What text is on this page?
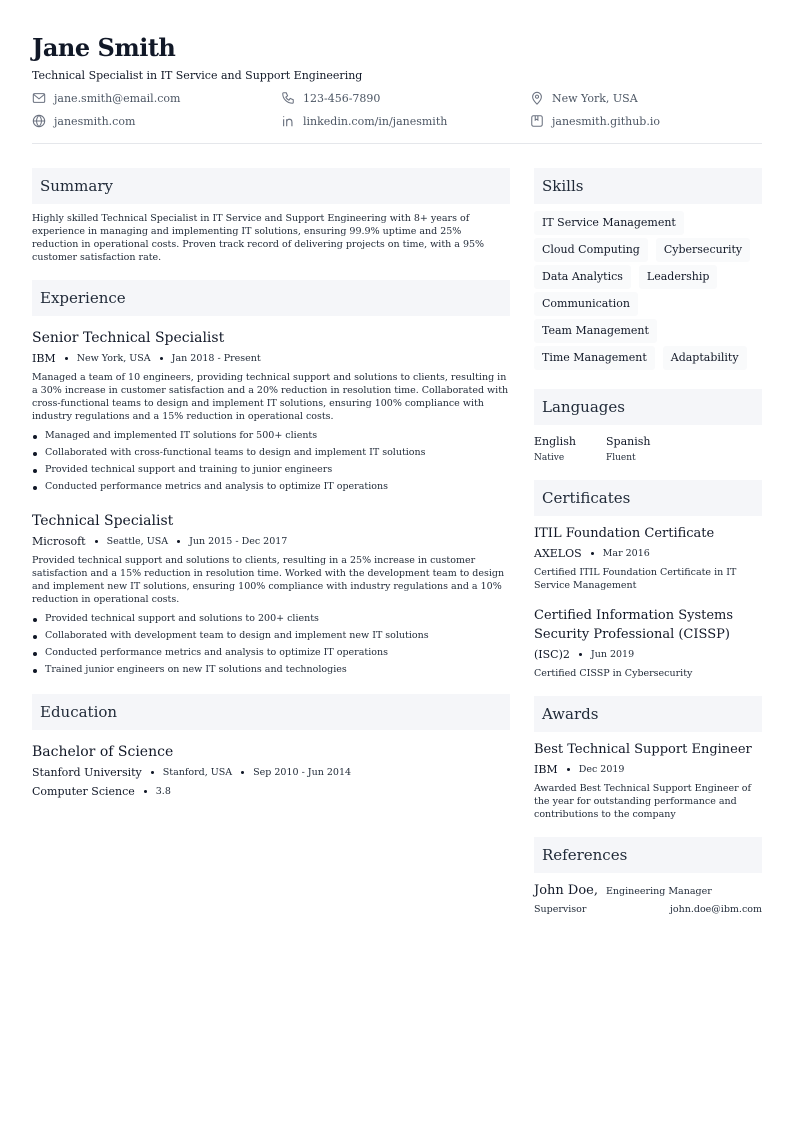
Jane Smith
Technical Specialist in IT Service and Support Engineering
jane.smith@email.com	123-456-7890	New York, USA
janesmith.com	linkedin.com/in/janesmith	janesmith.github.io
Summary

Highly skilled Technical Specialist in IT Service and Support Engineering with 8+ years of experience in managing and implementing IT solutions, ensuring 99.9% uptime and 25% reduction in operational costs. Proven track record of delivering projects on time, with a 95% customer satisfaction rate.

Experience
Senior Technical Specialist
IBM New York, USA Jan 2018 - Present

Managed a team of 10 engineers, providing technical support and solutions to clients, resulting in a 30% increase in customer satisfaction and a 20% reduction in resolution time. Collaborated with cross-functional teams to design and implement IT solutions, ensuring 100% compliance with industry regulations and a 15% reduction in operational costs.

Managed and implemented IT solutions for 500+ clients
Collaborated with cross-functional teams to design and implement IT solutions
Provided technical support and training to junior engineers
Conducted performance metrics and analysis to optimize IT operations
Technical Specialist
Microsoft Seattle, USA Jun 2015 - Dec 2017

Provided technical support and solutions to clients, resulting in a 25% increase in customer satisfaction and a 15% reduction in resolution time. Worked with the development team to design and implement new IT solutions, ensuring 100% compliance with industry regulations and a 10% reduction in operational costs.

Provided technical support and solutions to 200+ clients
Collaborated with development team to design and implement new IT solutions
Conducted performance metrics and analysis to optimize IT operations
Trained junior engineers on new IT solutions and technologies
Education
Bachelor of Science
Stanford University Stanford, USA Sep 2010 - Jun 2014
Computer Science 3.8
Skills
IT Service Management
Cloud Computing	Cybersecurity
Data Analytics	Leadership
Communication
Team Management
Time Management	Adaptability
Languages
English
Native
Spanish
Fluent
Certificates
ITIL Foundation Certificate
AXELOS Mar 2016

Certified ITIL Foundation Certificate in IT Service Management

Certified Information Systems Security Professional (CISSP)
(ISC)2 Jun 2019

Certified CISSP in Cybersecurity

Awards
Best Technical Support Engineer
IBM Dec 2019

Awarded Best Technical Support Engineer of the year for outstanding performance and contributions to the company

References
John Doe, Engineering Manager
Supervisor	john.doe@ibm.com
